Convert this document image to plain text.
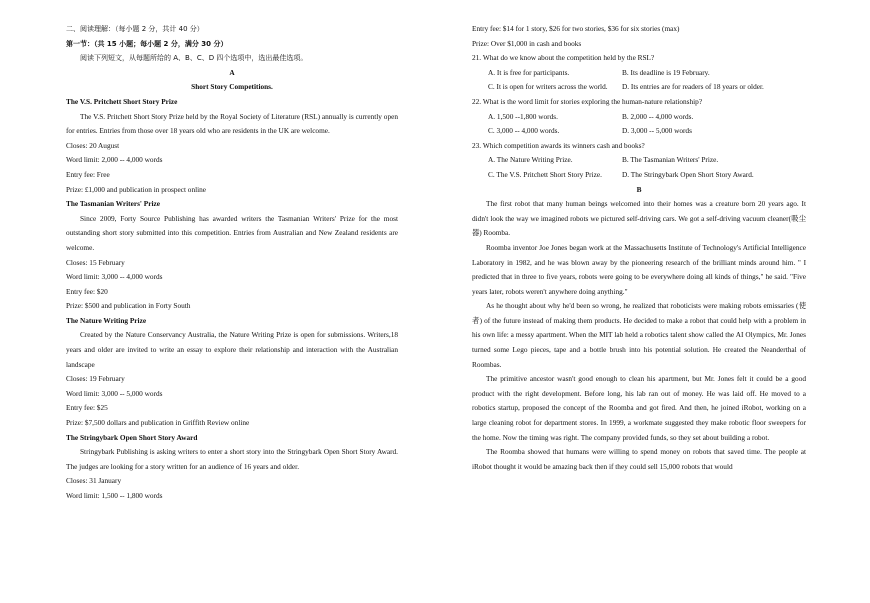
二、阅读理解：（每小题 2 分，共计 40 分）
第一节：（共 15 小题；每小题 2 分，满分 30 分）
阅读下列短文，从每题所给的 A、B、C、D 四个选项中，选出最佳选项。
A
Short Story Competitions.
The V.S. Pritchett Short Story Prize

The V.S. Pritchett Short Story Prize held by the Royal Society of Literature (RSL) annually is currently open for entries. Entries from those over 18 years old who are residents in the UK are welcome.

Closes: 20 August
Word limit: 2,000 -- 4,000 words
Entry fee: Free
Prize: £1,000 and publication in prospect online
The Tasmanian Writers' Prize

Since 2009, Forty Source Publishing has awarded writers the Tasmanian Writers' Prize for the most outstanding short story submitted into this competition. Entries from Australian and New Zealand residents are welcome.

Closes: 15 February
Word limit: 3,000 -- 4,000 words
Entry fee: $20
Prize: $500 and publication in Forty South
The Nature Writing Prize

Created by the Nature Conservancy Australia, the Nature Writing Prize is open for submissions. Writers,18 years and older are invited to write an essay to explore their relationship and interaction with the Australian landscape

Closes: 19 February
Word limit: 3,000 -- 5,000 words
Entry fee: $25
Prize: $7,500 dollars and publication in Griffith Review online
The Stringybark Open Short Story Award

Stringybark Publishing is asking writers to enter a short story into the Stringybark Open Short Story Award. The judges are looking for a story written for an audience of 16 years and older.

Closes: 31 January
Word limit: 1,500 -- 1,800 words
Entry fee: $14 for 1 story, $26 for two stories, $36 for six stories (max)
Prize: Over $1,000 in cash and books
21. What do we know about the competition held by the RSL?
A. It is free for participants.	B. Its deadline is 19 February.
C. It is open for writers across the world.	D. Its entries are for readers of 18 years or older.
22. What is the word limit for stories exploring the human-nature relationship?
A. 1,500 --1,800 words.	B. 2,000 -- 4,000 words.
C. 3,000 -- 4,000 words.	D. 3,000 -- 5,000 words
23. Which competition awards its winners cash and books?
A. The Nature Writing Prize.	B. The Tasmanian Writers' Prize.
C. The V.S. Pritchett Short Story Prize.	D. The Stringybark Open Short Story Award.
B

The first robot that many human beings welcomed into their homes was a creature born 20 years ago. It didn't look the way we imagined robots we pictured self-driving cars. We got a self-driving vacuum cleaner(吸尘器) Roomba.

Roomba inventor Joe Jones began work at the Massachusetts Institute of Technology's Artificial Intelligence Laboratory in 1982, and he was blown away by the pioneering research of the brilliant minds around him. " I predicted that in three to five years, robots were going to be everywhere doing all kinds of things," he said. "Five years later, robots weren't anywhere doing anything."

As he thought about why he'd been so wrong, he realized that roboticists were making robots emissaries (使者) of the future instead of making them products. He decided to make a robot that could help with a problem in his own life: a messy apartment. When the MIT lab held a robotics talent show called the AI Olympics, Mr. Jones turned some Lego pieces, tape and a bottle brush into his potential solution. He created the Neanderthal of Roombas.

The primitive ancestor wasn't good enough to clean his apartment, but Mr. Jones felt it could be a good product with the right development. Before long, his lab ran out of money. He was laid off. He moved to a robotics startup, proposed the concept of the Roomba and got fired. And then, he joined iRobot, working on a large cleaning robot for department stores. In 1999, a workmate suggested they make robotic floor sweepers for the home. Now the timing was right. The company provided funds, so they set about building a robot.

The Roomba showed that humans were willing to spend money on robots that saved time. The people at iRobot thought it would be amazing back then if they could sell 15,000 robots that would
